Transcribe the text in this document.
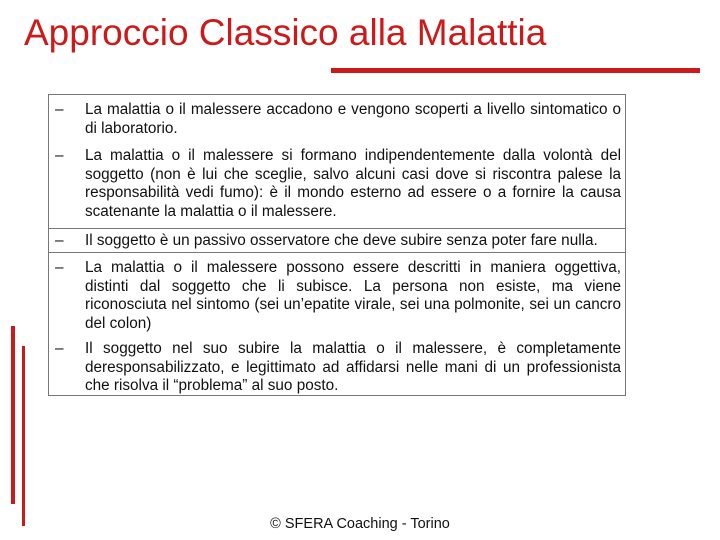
Approccio Classico alla Malattia
–	La malattia o il malessere accadono e vengono scoperti a livello sintomatico o di laboratorio.
–	La malattia o il malessere si formano indipendentemente dalla volontà del soggetto (non è lui che sceglie, salvo alcuni casi dove si riscontra palese la responsabilità vedi fumo): è il mondo esterno ad essere o a fornire la causa scatenante la malattia o il malessere.
–	Il soggetto è un passivo osservatore che deve subire senza poter fare nulla.
–	La malattia o il malessere possono essere descritti in maniera oggettiva, distinti dal soggetto che li subisce. La persona non esiste, ma viene riconosciuta nel sintomo (sei un’epatite virale, sei una polmonite, sei un cancro del colon)
–	Il soggetto nel suo subire la malattia o il malessere, è completamente deresponsabilizzato, e legittimato ad affidarsi nelle mani di un professionista che risolva il “problema” al suo posto.
© SFERA Coaching - Torino
